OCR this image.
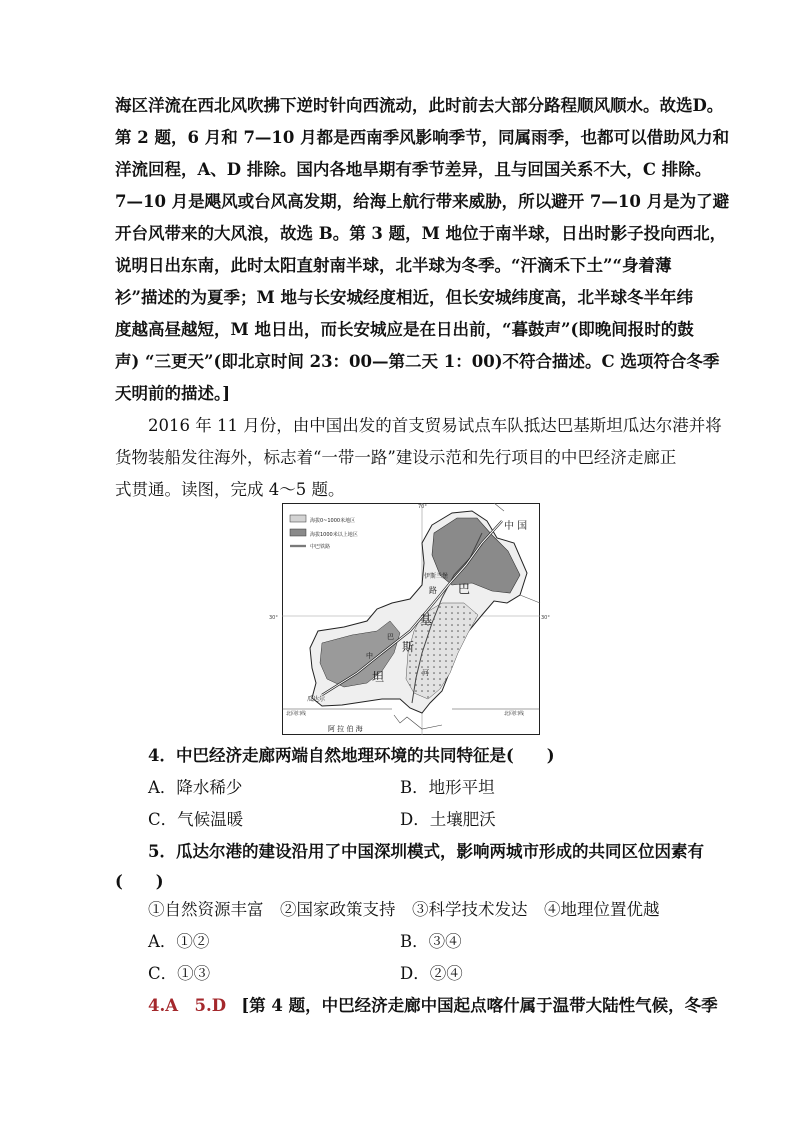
海区洋流在西北风吹拂下逆时针向西流动，此时前去大部分路程顺风顺水。故选D。
第 2 题，6 月和 7—10 月都是西南季风影响季节，同属雨季，也都可以借助风力和
洋流回程，A、D 排除。国内各地旱期有季节差异，且与回国关系不大，C 排除。
7—10 月是飓风或台风高发期，给海上航行带来威胁，所以避开 7—10 月是为了避
开台风带来的大风浪，故选 B。第 3 题，M 地位于南半球，日出时影子投向西北，
说明日出东南，此时太阳直射南半球，北半球为冬季。“汗滴禾下土”“身着薄
衫”描述的为夏季；M 地与长安城经度相近，但长安城纬度高，北半球冬半年纬
度越高昼越短，M 地日出，而长安城应是在日出前，“暮鼓声”(即晚间报时的鼓
声) “三更天”(即北京时间 23：00—第二天 1：00)不符合描述。C 选项符合冬季
天明前的描述。]
2016 年 11 月份，由中国出发的首支贸易试点车队抵达巴基斯坦瓜达尔港并将
货物装船发往海外，标志着“一带一路”建设示范和先行项目的中巴经济走廊正
式贯通。读图，完成 4～5 题。
海拔0~1000米地区
海拔1000米以上地区
中巴铁路
70°
30°	30°
中 国
伊斯兰堡
巴
路
基
斯
坦
巴
河
中
瓜达尔
北回归线	北回归线
阿 拉 伯 海
4．中巴经济走廊两端自然地理环境的共同特征是(　　)
A．降水稀少	B．地形平坦
C．气候温暖	D．土壤肥沃
5．瓜达尔港的建设沿用了中国深圳模式，影响两城市形成的共同区位因素有
(　　)
①自然资源丰富　②国家政策支持　③科学技术发达　④地理位置优越
A．①②	B．③④
C．①③	D．②④
4.A　5.D [第 4 题，中巴经济走廊中国起点喀什属于温带大陆性气候，冬季
